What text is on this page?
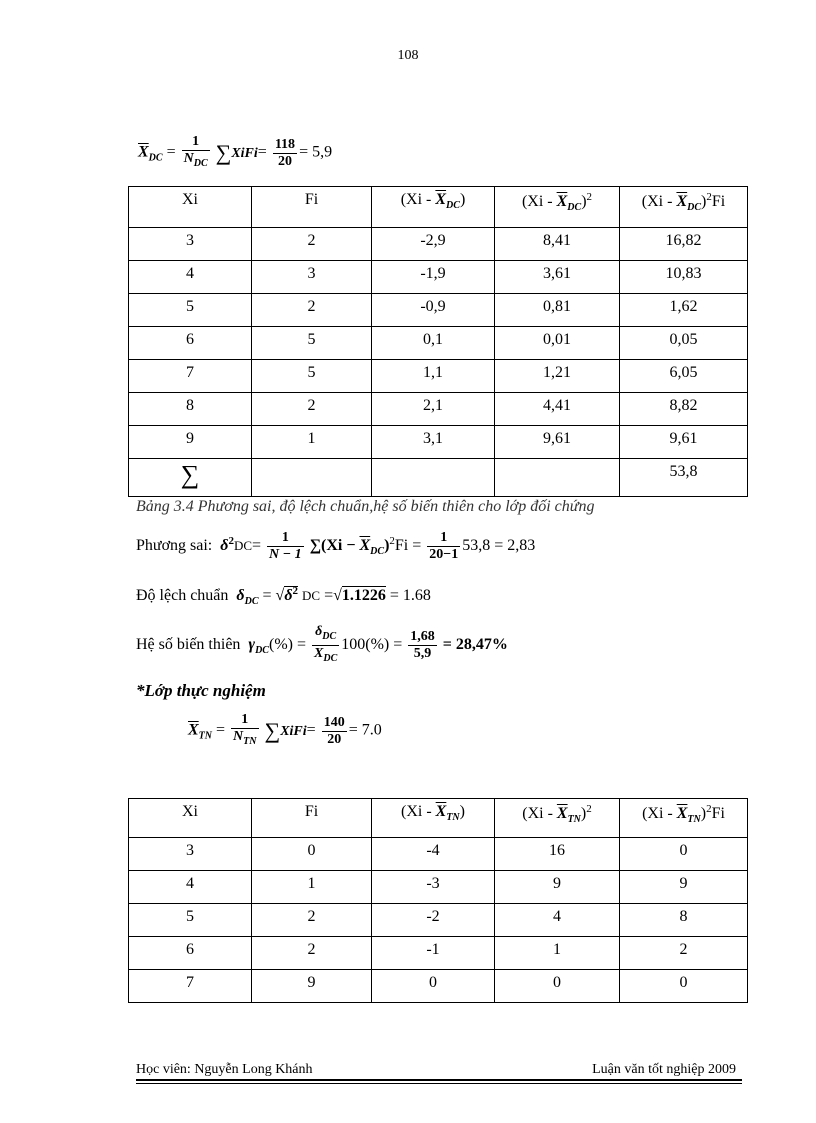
108
$\overline{X}_{DC} = \frac{1}{N_{DC}}$ ∑XiFi= $\frac{118}{20} = 5,9$
Xi	Fi	$(Xi - \overline{X}_{DC})$	$(Xi - \overline{X}_{DC})^2$	$(Xi - \overline{X}_{DC})^2Fi$
3	2	-2,9	8,41	16,82
4	3	-1,9	3,61	10,83
5	2	-0,9	0,81	1,62
6	5	0,1	0,01	0,05
7	5	1,1	1,21	6,05
8	2	2,1	4,41	8,82
9	1	3,1	9,61	9,61
∑				53,8
Bảng 3.4 Phương sai, độ lệch chuẩn,hệ số biến thiên cho lớp đối chứng
Phương sai: $\delta^2DC= \frac{1}{N - 1} \sum(Xi - \overline{X}_{DC})^2Fi = \frac{1}{20-1} 53,8 = 2,83$
Độ lệch chuẩn $\delta_{DC} = √\delta^2$ DC =√1.1226 = 1.68
Hệ số biến thiên $\gamma_{DC}(\%) = \frac{\delta_{DC}}{\overline{X}_{DC}} 100(\%) = \frac{1,68}{5,9} = 28,47\%$
*Lớp thực nghiệm
$\overline{X}_{TN} = \frac{1}{N_{TN}}$ ∑XiFi= $\frac{140}{20} = 7.0$
Xi	Fi	$(Xi - \overline{X}_{TN})$	$(Xi - \overline{X}_{TN})^2$	$(Xi - \overline{X}_{TN})^2Fi$
3	0	-4	16	0
4	1	-3	9	9
5	2	-2	4	8
6	2	-1	1	2
7	9	0	0	0
Học viên: Nguyễn Long Khánh	Luận văn tốt nghiệp 2009
